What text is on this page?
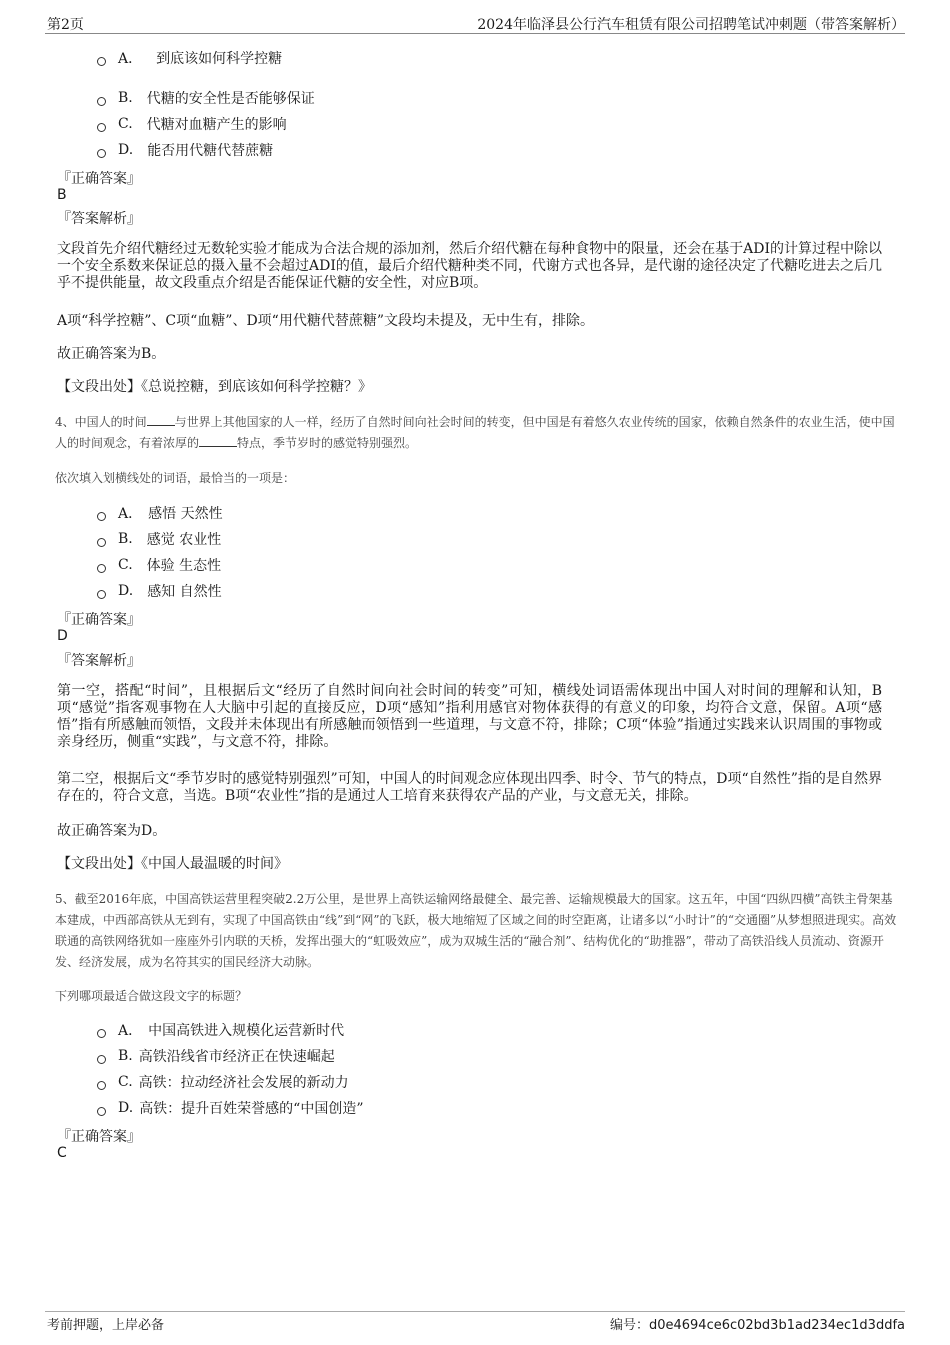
第2页	2024年临泽县公行汽车租赁有限公司招聘笔试冲刺题（带答案解析）
A． 到底该如何科学控糖
B. 代糖的安全性是否能够保证
C. 代糖对血糖产生的影响
D. 能否用代糖代替蔗糖
『正确答案』
B
『答案解析』
文段首先介绍代糖经过无数轮实验才能成为合法合规的添加剂，然后介绍代糖在每种食物中的限量，还会在基于ADI的计算过程中除以一个安全系数来保证总的摄入量不会超过ADI的值，最后介绍代糖种类不同，代谢方式也各异，是代谢的途径决定了代糖吃进去之后几乎不提供能量，故文段重点介绍是否能保证代糖的安全性，对应B项。
A项“科学控糖”、C项“血糖”、D项“用代糖代替蔗糖”文段均未提及，无中生有，排除。
故正确答案为B。
【文段出处】《总说控糖，到底该如何科学控糖？》
4、中国人的时间 与世界上其他国家的人一样，经历了自然时间向社会时间的转变，但中国是有着悠久农业传统的国家，依赖自然条件的农业生活，使中国人的时间观念，有着浓厚的	特点，季节岁时的感觉特别强烈。
依次填入划横线处的词语，最恰当的一项是：
A． 感悟 天然性
B. 感觉 农业性
C. 体验 生态性
D. 感知 自然性
『正确答案』
D
『答案解析』
第一空，搭配“时间”，且根据后文“经历了自然时间向社会时间的转变”可知，横线处词语需体现出中国人对时间的理解和认知，B项“感觉”指客观事物在人大脑中引起的直接反应，D项“感知”指利用感官对物体获得的有意义的印象，均符合文意，保留。A项“感悟”指有所感触而领悟，文段并未体现出有所感触而领悟到一些道理，与文意不符，排除；C项“体验”指通过实践来认识周围的事物或亲身经历，侧重“实践”，与文意不符，排除。
第二空，根据后文“季节岁时的感觉特别强烈”可知，中国人的时间观念应体现出四季、时令、节气的特点，D项“自然性”指的是自然界存在的，符合文意，当选。B项“农业性”指的是通过人工培育来获得农产品的产业，与文意无关，排除。
故正确答案为D。
【文段出处】《中国人最温暖的时间》
5、截至2016年底，中国高铁运营里程突破2.2万公里，是世界上高铁运输网络最健全、最完善、运输规模最大的国家。这五年，中国“四纵四横”高铁主骨架基本建成，中西部高铁从无到有，实现了中国高铁由“线”到“网”的飞跃，极大地缩短了区域之间的时空距离，让诸多以“小时计”的“交通圈”从梦想照进现实。高效联通的高铁网络犹如一座座外引内联的天桥，发挥出强大的“虹吸效应”，成为双城生活的“融合剂”、结构优化的“助推器”，带动了高铁沿线人员流动、资源开发、经济发展，成为名符其实的国民经济大动脉。
下列哪项最适合做这段文字的标题？
A． 中国高铁进入规模化运营新时代
B. 高铁沿线省市经济正在快速崛起
C. 高铁：拉动经济社会发展的新动力
D. 高铁：提升百姓荣誉感的“中国创造”
『正确答案』
C
考前押题，上岸必备	编号：d0e4694ce6c02bd3b1ad234ec1d3ddfa
